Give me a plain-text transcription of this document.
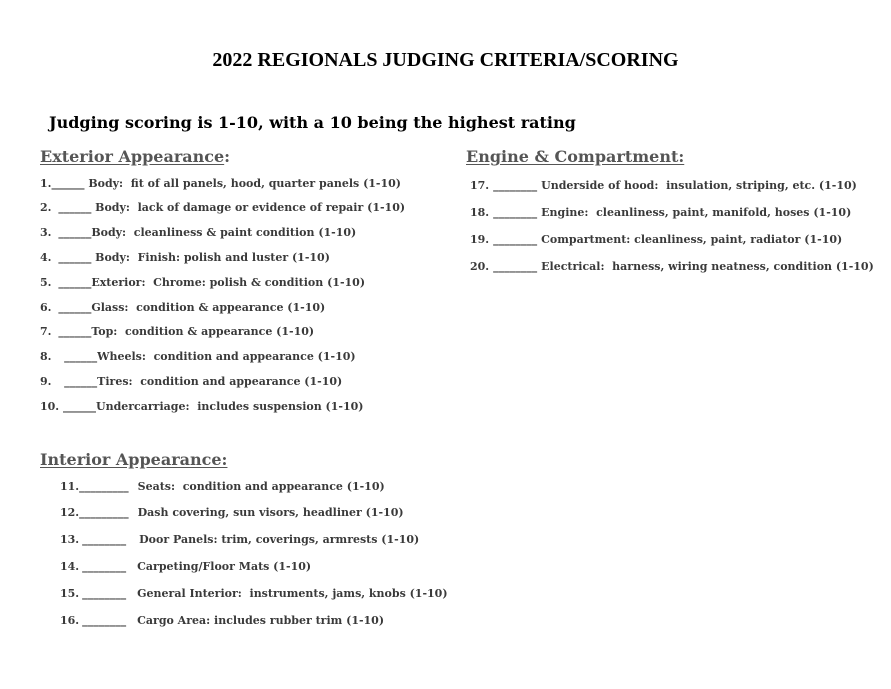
2022 REGIONALS JUDGING CRITERIA/SCORING
Judging scoring is 1-10, with a 10 being the highest rating
Exterior Appearance:
1.______ Body:  fit of all panels, hood, quarter panels (1-10)
2. ______ Body:  lack of damage or evidence of repair (1-10)
3. ______Body:  cleanliness & paint condition (1-10)
4. ______ Body:  Finish: polish and luster (1-10)
5. ______Exterior:  Chrome: polish & condition (1-10)
6. ______Glass:  condition & appearance (1-10)
7. ______Top:  condition & appearance (1-10)
8.  ______Wheels:  condition and appearance (1-10)
9.  ______Tires:  condition and appearance (1-10)
10. ______Undercarriage:  includes suspension (1-10)
Interior Appearance:
11._________ Seats:  condition and appearance (1-10)
12._________ Dash covering, sun visors, headliner (1-10)
13. ________ Door Panels: trim, coverings, armrests (1-10)
14. ________ Carpeting/Floor Mats (1-10)
15. ________ General Interior:  instruments, jams, knobs (1-10)
16. ________ Cargo Area: includes rubber trim (1-10)
Engine & Compartment:
17. ________ Underside of hood:  insulation, striping, etc. (1-10)
18. ________ Engine:  cleanliness, paint, manifold, hoses (1-10)
19. ________ Compartment: cleanliness, paint, radiator (1-10)
20. ________ Electrical:  harness, wiring neatness, condition (1-10)
